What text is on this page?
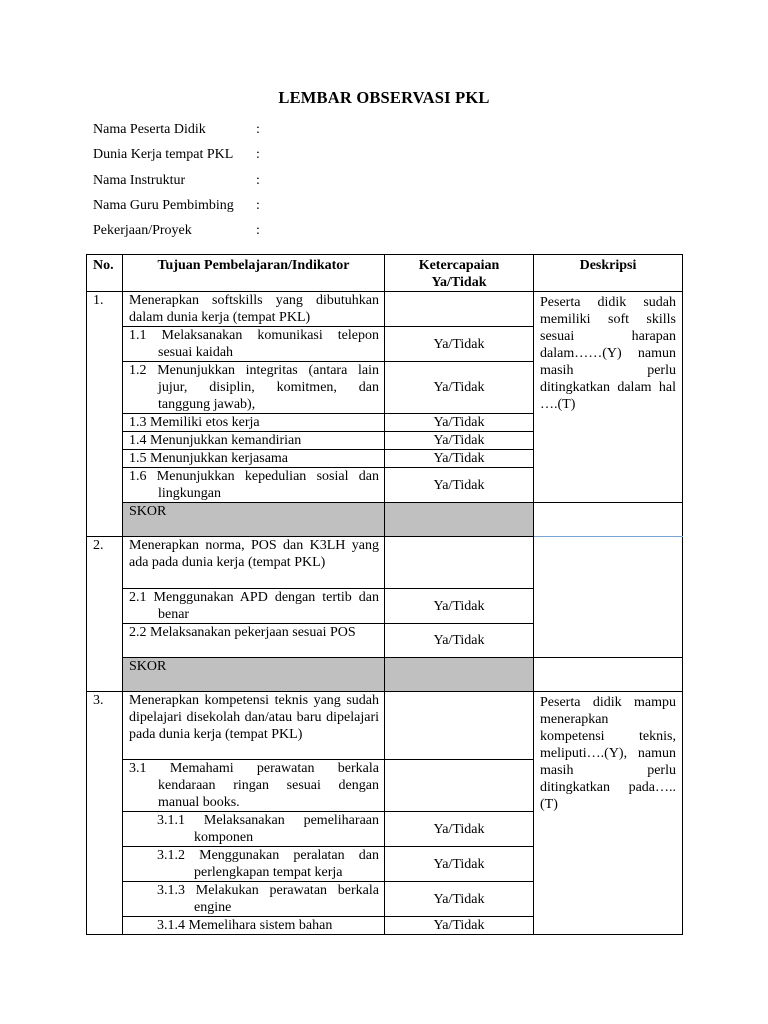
LEMBAR OBSERVASI PKL
Nama Peserta Didik	:
Dunia Kerja tempat PKL :
Nama Instruktur	:
Nama Guru Pembimbing :
Pekerjaan/Proyek	:
No.	Tujuan Pembelajaran/Indikator	Ketercapaian Ya/Tidak	Deskripsi
1.	Menerapkan softskills yang dibutuhkan dalam dunia kerja (tempat PKL)		Peserta didik sudah memiliki soft skills sesuai harapan dalam……(Y) namun masih perlu ditingkatkan dalam hal ….(T)
	1.1 Melaksanakan komunikasi telepon sesuai kaidah	Ya/Tidak	
	1.2 Menunjukkan integritas (antara lain jujur, disiplin, komitmen, dan tanggung jawab),	Ya/Tidak	
	1.3 Memiliki etos kerja	Ya/Tidak	
	1.4 Menunjukkan kemandirian	Ya/Tidak	
	1.5 Menunjukkan kerjasama	Ya/Tidak	
	1.6 Menunjukkan kepedulian sosial dan lingkungan	Ya/Tidak	
	SKOR		
2.	Menerapkan norma, POS dan K3LH yang ada pada dunia kerja (tempat PKL)		
	2.1 Menggunakan APD dengan tertib dan benar	Ya/Tidak	
	2.2 Melaksanakan pekerjaan sesuai POS	Ya/Tidak	
	SKOR		
3.	Menerapkan kompetensi teknis yang sudah dipelajari disekolah dan/atau baru dipelajari pada dunia kerja (tempat PKL)		Peserta didik mampu menerapkan kompetensi teknis, meliputi….(Y), namun masih perlu ditingkatkan pada…..(T)
	3.1 Memahami perawatan berkala kendaraan ringan sesuai dengan manual books.		
	3.1.1 Melaksanakan pemeliharaan komponen	Ya/Tidak	
	3.1.2 Menggunakan peralatan dan perlengkapan tempat kerja	Ya/Tidak	
	3.1.3 Melakukan perawatan berkala engine	Ya/Tidak	
	3.1.4 Memelihara sistem bahan	Ya/Tidak	
